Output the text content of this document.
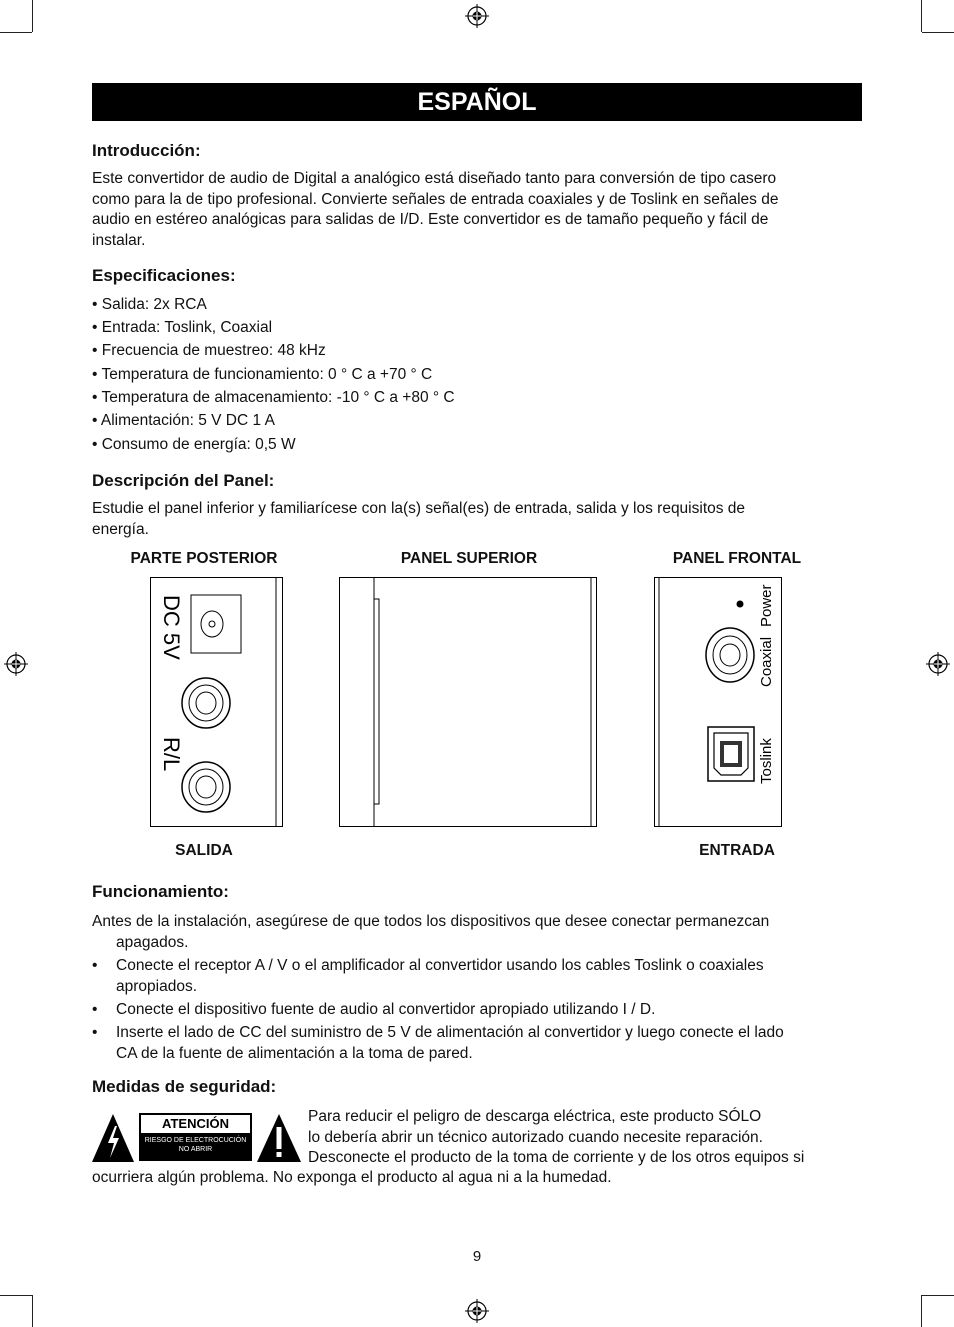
ESPAÑOL
Introducción:
Este convertidor de audio de Digital a analógico está diseñado tanto para conversión de tipo casero
como para la de tipo profesional. Convierte señales de entrada coaxiales y de Toslink en señales de
audio en estéreo analógicas para salidas de I/D. Este convertidor es de tamaño pequeño y fácil de
instalar.
Especificaciones:
• Salida: 2x RCA
• Entrada: Toslink, Coaxial
• Frecuencia de muestreo: 48 kHz
• Temperatura de funcionamiento: 0 ° C a +70 ° C
• Temperatura de almacenamiento: -10 ° C a +80 ° C
• Alimentación: 5 V DC 1 A
• Consumo de energía: 0,5 W
Descripción del Panel:
Estudie el panel inferior y familiarícese con la(s) señal(es) de entrada, salida y los requisitos de
energía.
PARTE POSTERIOR	PANEL SUPERIOR	PANEL FRONTAL
DC 5V
R/L
Power
Coaxial
Toslink
SALIDA	ENTRADA
Funcionamiento:
Antes de la instalación, asegúrese de que todos los dispositivos que desee conectar permanezcan
apagados.
• Conecte el receptor A / V o el amplificador al convertidor usando los cables Toslink o coaxiales
apropiados.
• Conecte el dispositivo fuente de audio al convertidor apropiado utilizando I / D.
• Inserte el lado de CC del suministro de 5 V de alimentación al convertidor y luego conecte el lado
CA de la fuente de alimentación a la toma de pared.
Medidas de seguridad:
ATENCIÓN
RIESGO DE ELECTROCUCIÓN
NO ABRIR
Para reducir el peligro de descarga eléctrica, este producto SÓLO
lo debería abrir un técnico autorizado cuando necesite reparación.
Desconecte el producto de la toma de corriente y de los otros equipos si
ocurriera algún problema. No exponga el producto al agua ni a la humedad.
9
